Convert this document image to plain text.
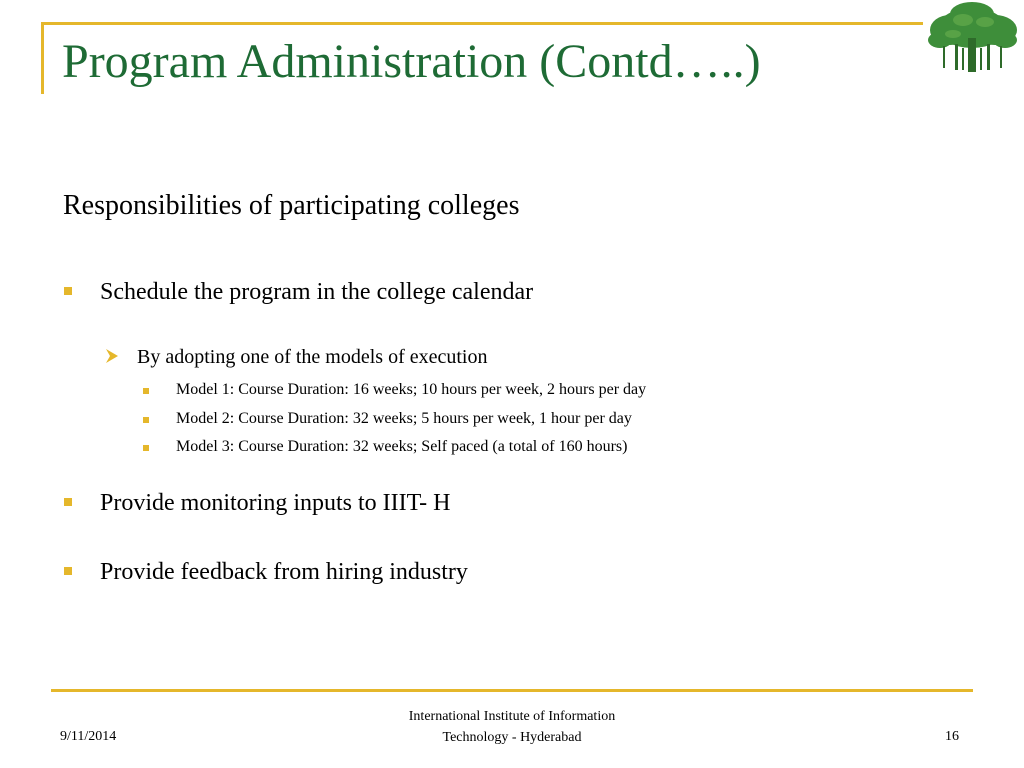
Program Administration (Contd…..)
Responsibilities of participating colleges
Schedule the program in the college calendar
By adopting one of the models of execution
Model 1: Course Duration: 16 weeks; 10 hours per week, 2 hours per day
Model 2: Course Duration: 32 weeks; 5 hours per week, 1 hour per day
Model 3: Course Duration: 32 weeks; Self paced (a total of 160 hours)
Provide monitoring inputs to IIIT- H
Provide feedback from hiring industry
9/11/2014
International Institute of Information
Technology - Hyderabad	16
